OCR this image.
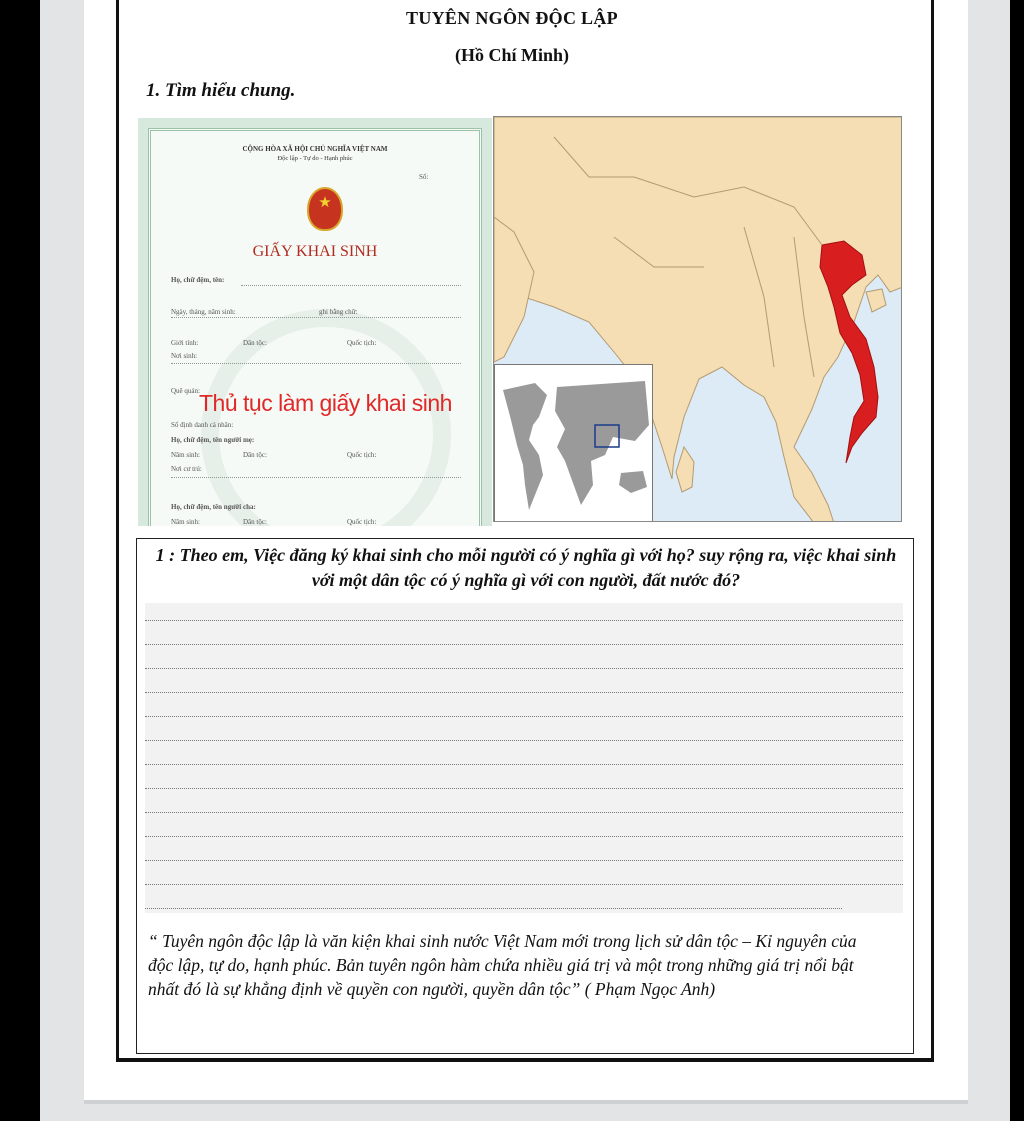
TUYÊN NGÔN ĐỘC LẬP
(Hồ Chí Minh)
1. Tìm hiểu chung.
CỘNG HÒA XÃ HỘI CHỦ NGHĨA VIỆT NAM
Độc lập - Tự do - Hạnh phúc
Số:
★
GIẤY KHAI SINH
Họ, chữ đệm, tên:
Ngày, tháng, năm sinh:	ghi bằng chữ:
Giới tính:	Dân tộc:	Quốc tịch:
Nơi sinh:
Quê quán:
Số định danh cá nhân:
Họ, chữ đệm, tên người mẹ:
Năm sinh:	Dân tộc:	Quốc tịch:
Nơi cư trú:
Họ, chữ đệm, tên người cha:
Năm sinh:	Dân tộc:	Quốc tịch:
Thủ tục làm giấy khai sinh
1 : Theo em, Việc đăng ký khai sinh cho mỗi người có ý nghĩa gì với họ? suy rộng ra, việc khai sinh với một dân tộc có ý nghĩa gì với con người, đất nước đó?
“ Tuyên ngôn độc lập là văn kiện khai sinh nước Việt Nam mới trong lịch sử dân tộc – Kỉ nguyên của độc lập, tự do, hạnh phúc. Bản tuyên ngôn hàm chứa nhiều giá trị và một trong những giá trị nổi bật nhất đó là sự khẳng định về quyền con người, quyền dân tộc” ( Phạm Ngọc Anh)
